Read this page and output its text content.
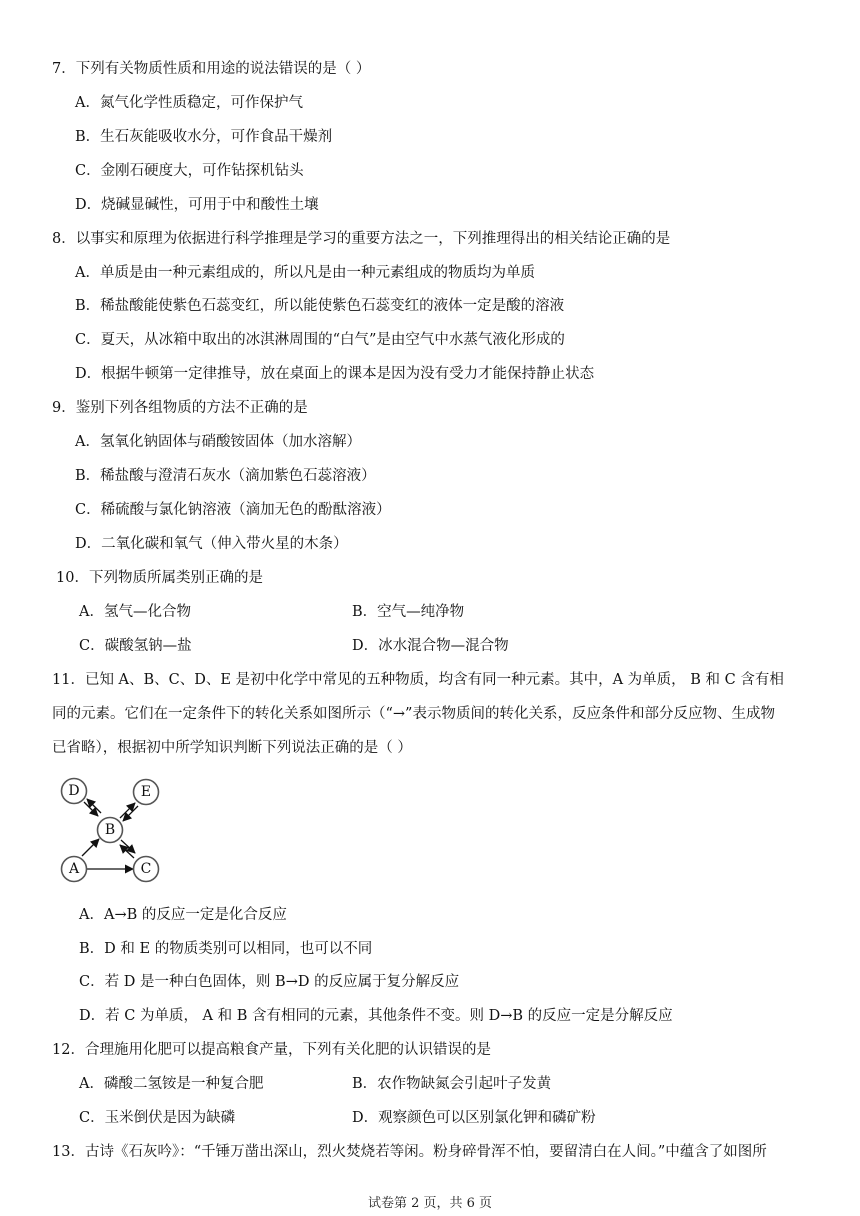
7．下列有关物质性质和用途的说法错误的是（ ）
A．氮气化学性质稳定，可作保护气
B．生石灰能吸收水分，可作食品干燥剂
C．金刚石硬度大，可作钻探机钻头
D．烧碱显碱性，可用于中和酸性土壤
8．以事实和原理为依据进行科学推理是学习的重要方法之一，下列推理得出的相关结论正确的是
A．单质是由一种元素组成的，所以凡是由一种元素组成的物质均为单质
B．稀盐酸能使紫色石蕊变红，所以能使紫色石蕊变红的液体一定是酸的溶液
C．夏天，从冰箱中取出的冰淇淋周围的“白气”是由空气中水蒸气液化形成的
D．根据牛顿第一定律推导，放在桌面上的课本是因为没有受力才能保持静止状态
9．鉴别下列各组物质的方法不正确的是
A．氢氧化钠固体与硝酸铵固体（加水溶解）
B．稀盐酸与澄清石灰水（滴加紫色石蕊溶液）
C．稀硫酸与氯化钠溶液（滴加无色的酚酞溶液）
D．二氧化碳和氧气（伸入带火星的木条）
10．下列物质所属类别正确的是
A．氢气—化合物	B．空气—纯净物
C．碳酸氢钠—盐	D．冰水混合物—混合物
11．已知 A、B、C、D、E 是初中化学中常见的五种物质，均含有同一种元素。其中，A 为单质， B 和 C 含有相
同的元素。它们在一定条件下的转化关系如图所示（“→”表示物质间的转化关系，反应条件和部分反应物、生成物
已省略），根据初中所学知识判断下列说法正确的是（ ）
D	E
B
A	C
A．A→B 的反应一定是化合反应
B．D 和 E 的物质类别可以相同，也可以不同
C．若 D 是一种白色固体，则 B→D 的反应属于复分解反应
D．若 C 为单质， A 和 B 含有相同的元素，其他条件不变。则 D→B 的反应一定是分解反应
12．合理施用化肥可以提高粮食产量，下列有关化肥的认识错误的是
A．磷酸二氢铵是一种复合肥	B．农作物缺氮会引起叶子发黄
C．玉米倒伏是因为缺磷	D．观察颜色可以区别氯化钾和磷矿粉
13．古诗《石灰吟》：“千锤万凿出深山，烈火焚烧若等闲。粉身碎骨浑不怕，要留清白在人间。”中蕴含了如图所
试卷第 2 页，共 6 页
